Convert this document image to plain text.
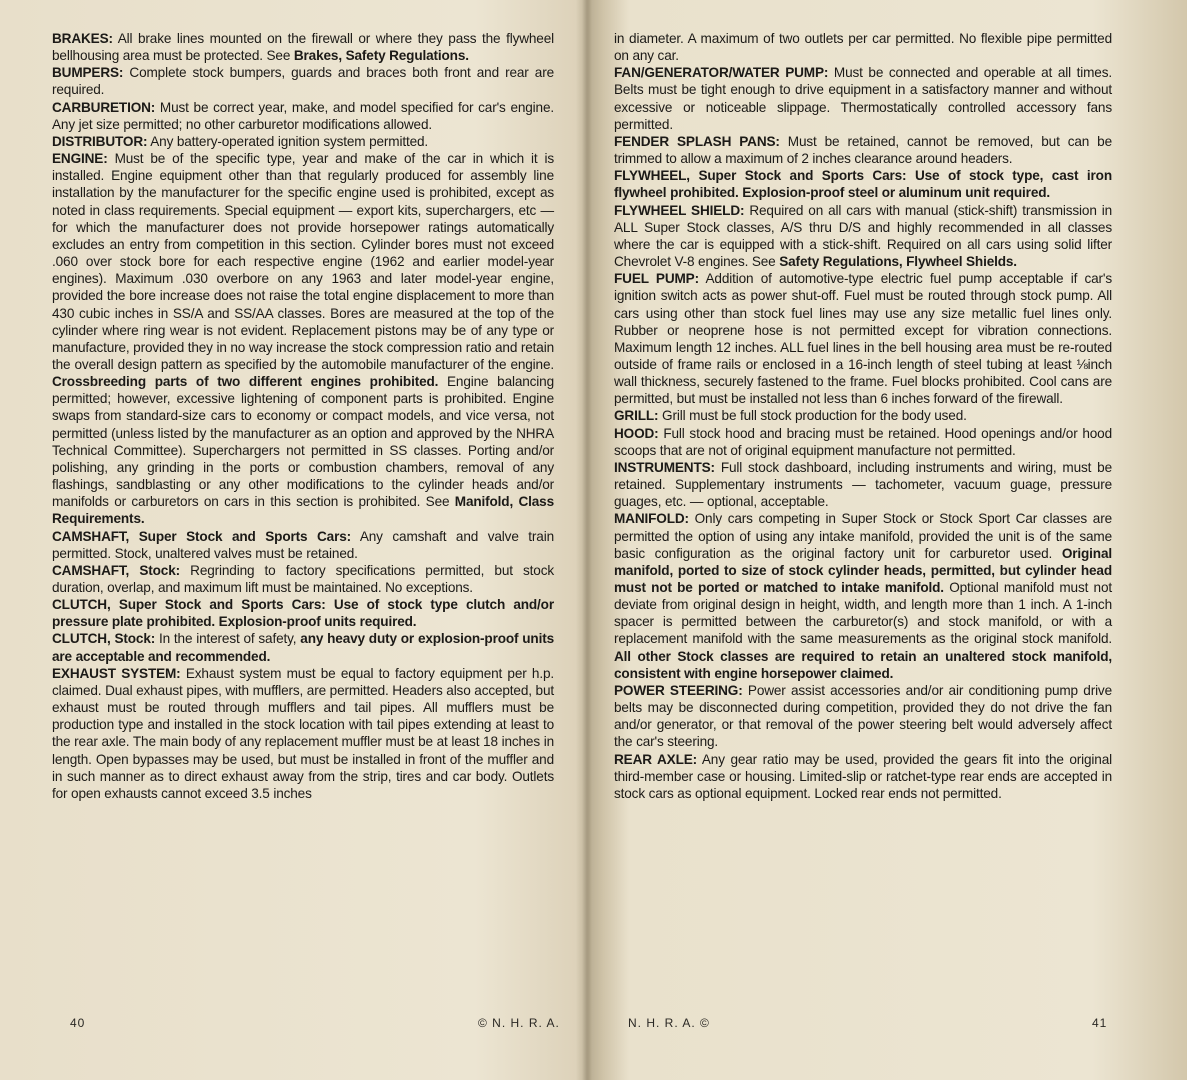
BRAKES: All brake lines mounted on the firewall or where they pass the flywheel bellhousing area must be protected. See Brakes, Safety Regulations.

BUMPERS: Complete stock bumpers, guards and braces both front and rear are required.

CARBURETION: Must be correct year, make, and model specified for car's engine. Any jet size permitted; no other carburetor modifications allowed.

DISTRIBUTOR: Any battery-operated ignition system permitted.

ENGINE: Must be of the specific type, year and make of the car in which it is installed. Engine equipment other than that regularly produced for assembly line installation by the manufacturer for the specific engine used is prohibited, except as noted in class requirements. Special equipment — export kits, superchargers, etc — for which the manufacturer does not provide horsepower ratings automatically excludes an entry from competition in this section. Cylinder bores must not exceed .060 over stock bore for each respective engine (1962 and earlier model-year engines). Maximum .030 overbore on any 1963 and later model-year engine, provided the bore increase does not raise the total engine displacement to more than 430 cubic inches in SS/A and SS/AA classes. Bores are measured at the top of the cylinder where ring wear is not evident. Replacement pistons may be of any type or manufacture, provided they in no way increase the stock compression ratio and retain the overall design pattern as specified by the automobile manufacturer of the engine. Crossbreeding parts of two different engines prohibited. Engine balancing permitted; however, excessive lightening of component parts is prohibited. Engine swaps from standard-size cars to economy or compact models, and vice versa, not permitted (unless listed by the manufacturer as an option and approved by the NHRA Technical Committee). Superchargers not permitted in SS classes. Porting and/or polishing, any grinding in the ports or combustion chambers, removal of any flashings, sandblasting or any other modifications to the cylinder heads and/or manifolds or carburetors on cars in this section is prohibited. See Manifold, Class Requirements.

CAMSHAFT, Super Stock and Sports Cars: Any camshaft and valve train permitted. Stock, unaltered valves must be retained.

CAMSHAFT, Stock: Regrinding to factory specifications permitted, but stock duration, overlap, and maximum lift must be maintained. No exceptions.

CLUTCH, Super Stock and Sports Cars: Use of stock type clutch and/or pressure plate prohibited. Explosion-proof units required.

CLUTCH, Stock: In the interest of safety, any heavy duty or explosion-proof units are acceptable and recommended.

EXHAUST SYSTEM: Exhaust system must be equal to factory equipment per h.p. claimed. Dual exhaust pipes, with mufflers, are permitted. Headers also accepted, but exhaust must be routed through mufflers and tail pipes. All mufflers must be production type and installed in the stock location with tail pipes extending at least to the rear axle. The main body of any replacement muffler must be at least 18 inches in length. Open bypasses may be used, but must be installed in front of the muffler and in such manner as to direct exhaust away from the strip, tires and car body. Outlets for open exhausts cannot exceed 3.5 inches

40	© N. H. R. A.

in diameter. A maximum of two outlets per car permitted. No flexible pipe permitted on any car.

FAN/GENERATOR/WATER PUMP: Must be connected and operable at all times. Belts must be tight enough to drive equipment in a satisfactory manner and without excessive or noticeable slippage. Thermostatically controlled accessory fans permitted.

FENDER SPLASH PANS: Must be retained, cannot be removed, but can be trimmed to allow a maximum of 2 inches clearance around headers.

FLYWHEEL, Super Stock and Sports Cars: Use of stock type, cast iron flywheel prohibited. Explosion-proof steel or aluminum unit required.

FLYWHEEL SHIELD: Required on all cars with manual (stick-shift) transmission in ALL Super Stock classes, A/S thru D/S and highly recommended in all classes where the car is equipped with a stick-shift. Required on all cars using solid lifter Chevrolet V-8 engines. See Safety Regulations, Flywheel Shields.

FUEL PUMP: Addition of automotive-type electric fuel pump acceptable if car's ignition switch acts as power shut-off. Fuel must be routed through stock pump. All cars using other than stock fuel lines may use any size metallic fuel lines only. Rubber or neoprene hose is not permitted except for vibration connections. Maximum length 12 inches. ALL fuel lines in the bell housing area must be re-routed outside of frame rails or enclosed in a 16-inch length of steel tubing at least ⅛inch wall thickness, securely fastened to the frame. Fuel blocks prohibited. Cool cans are permitted, but must be installed not less than 6 inches forward of the firewall.

GRILL: Grill must be full stock production for the body used.

HOOD: Full stock hood and bracing must be retained. Hood openings and/or hood scoops that are not of original equipment manufacture not permitted.

INSTRUMENTS: Full stock dashboard, including instruments and wiring, must be retained. Supplementary instruments — tachometer, vacuum guage, pressure guages, etc. — optional, acceptable.

MANIFOLD: Only cars competing in Super Stock or Stock Sport Car classes are permitted the option of using any intake manifold, provided the unit is of the same basic configuration as the original factory unit for carburetor used. Original manifold, ported to size of stock cylinder heads, permitted, but cylinder head must not be ported or matched to intake manifold. Optional manifold must not deviate from original design in height, width, and length more than 1 inch. A 1-inch spacer is permitted between the carburetor(s) and stock manifold, or with a replacement manifold with the same measurements as the original stock manifold. All other Stock classes are required to retain an unaltered stock manifold, consistent with engine horsepower claimed.

POWER STEERING: Power assist accessories and/or air conditioning pump drive belts may be disconnected during competition, provided they do not drive the fan and/or generator, or that removal of the power steering belt would adversely affect the car's steering.

REAR AXLE: Any gear ratio may be used, provided the gears fit into the original third-member case or housing. Limited-slip or ratchet-type rear ends are accepted in stock cars as optional equipment. Locked rear ends not permitted.

N. H. R. A. ©	41
